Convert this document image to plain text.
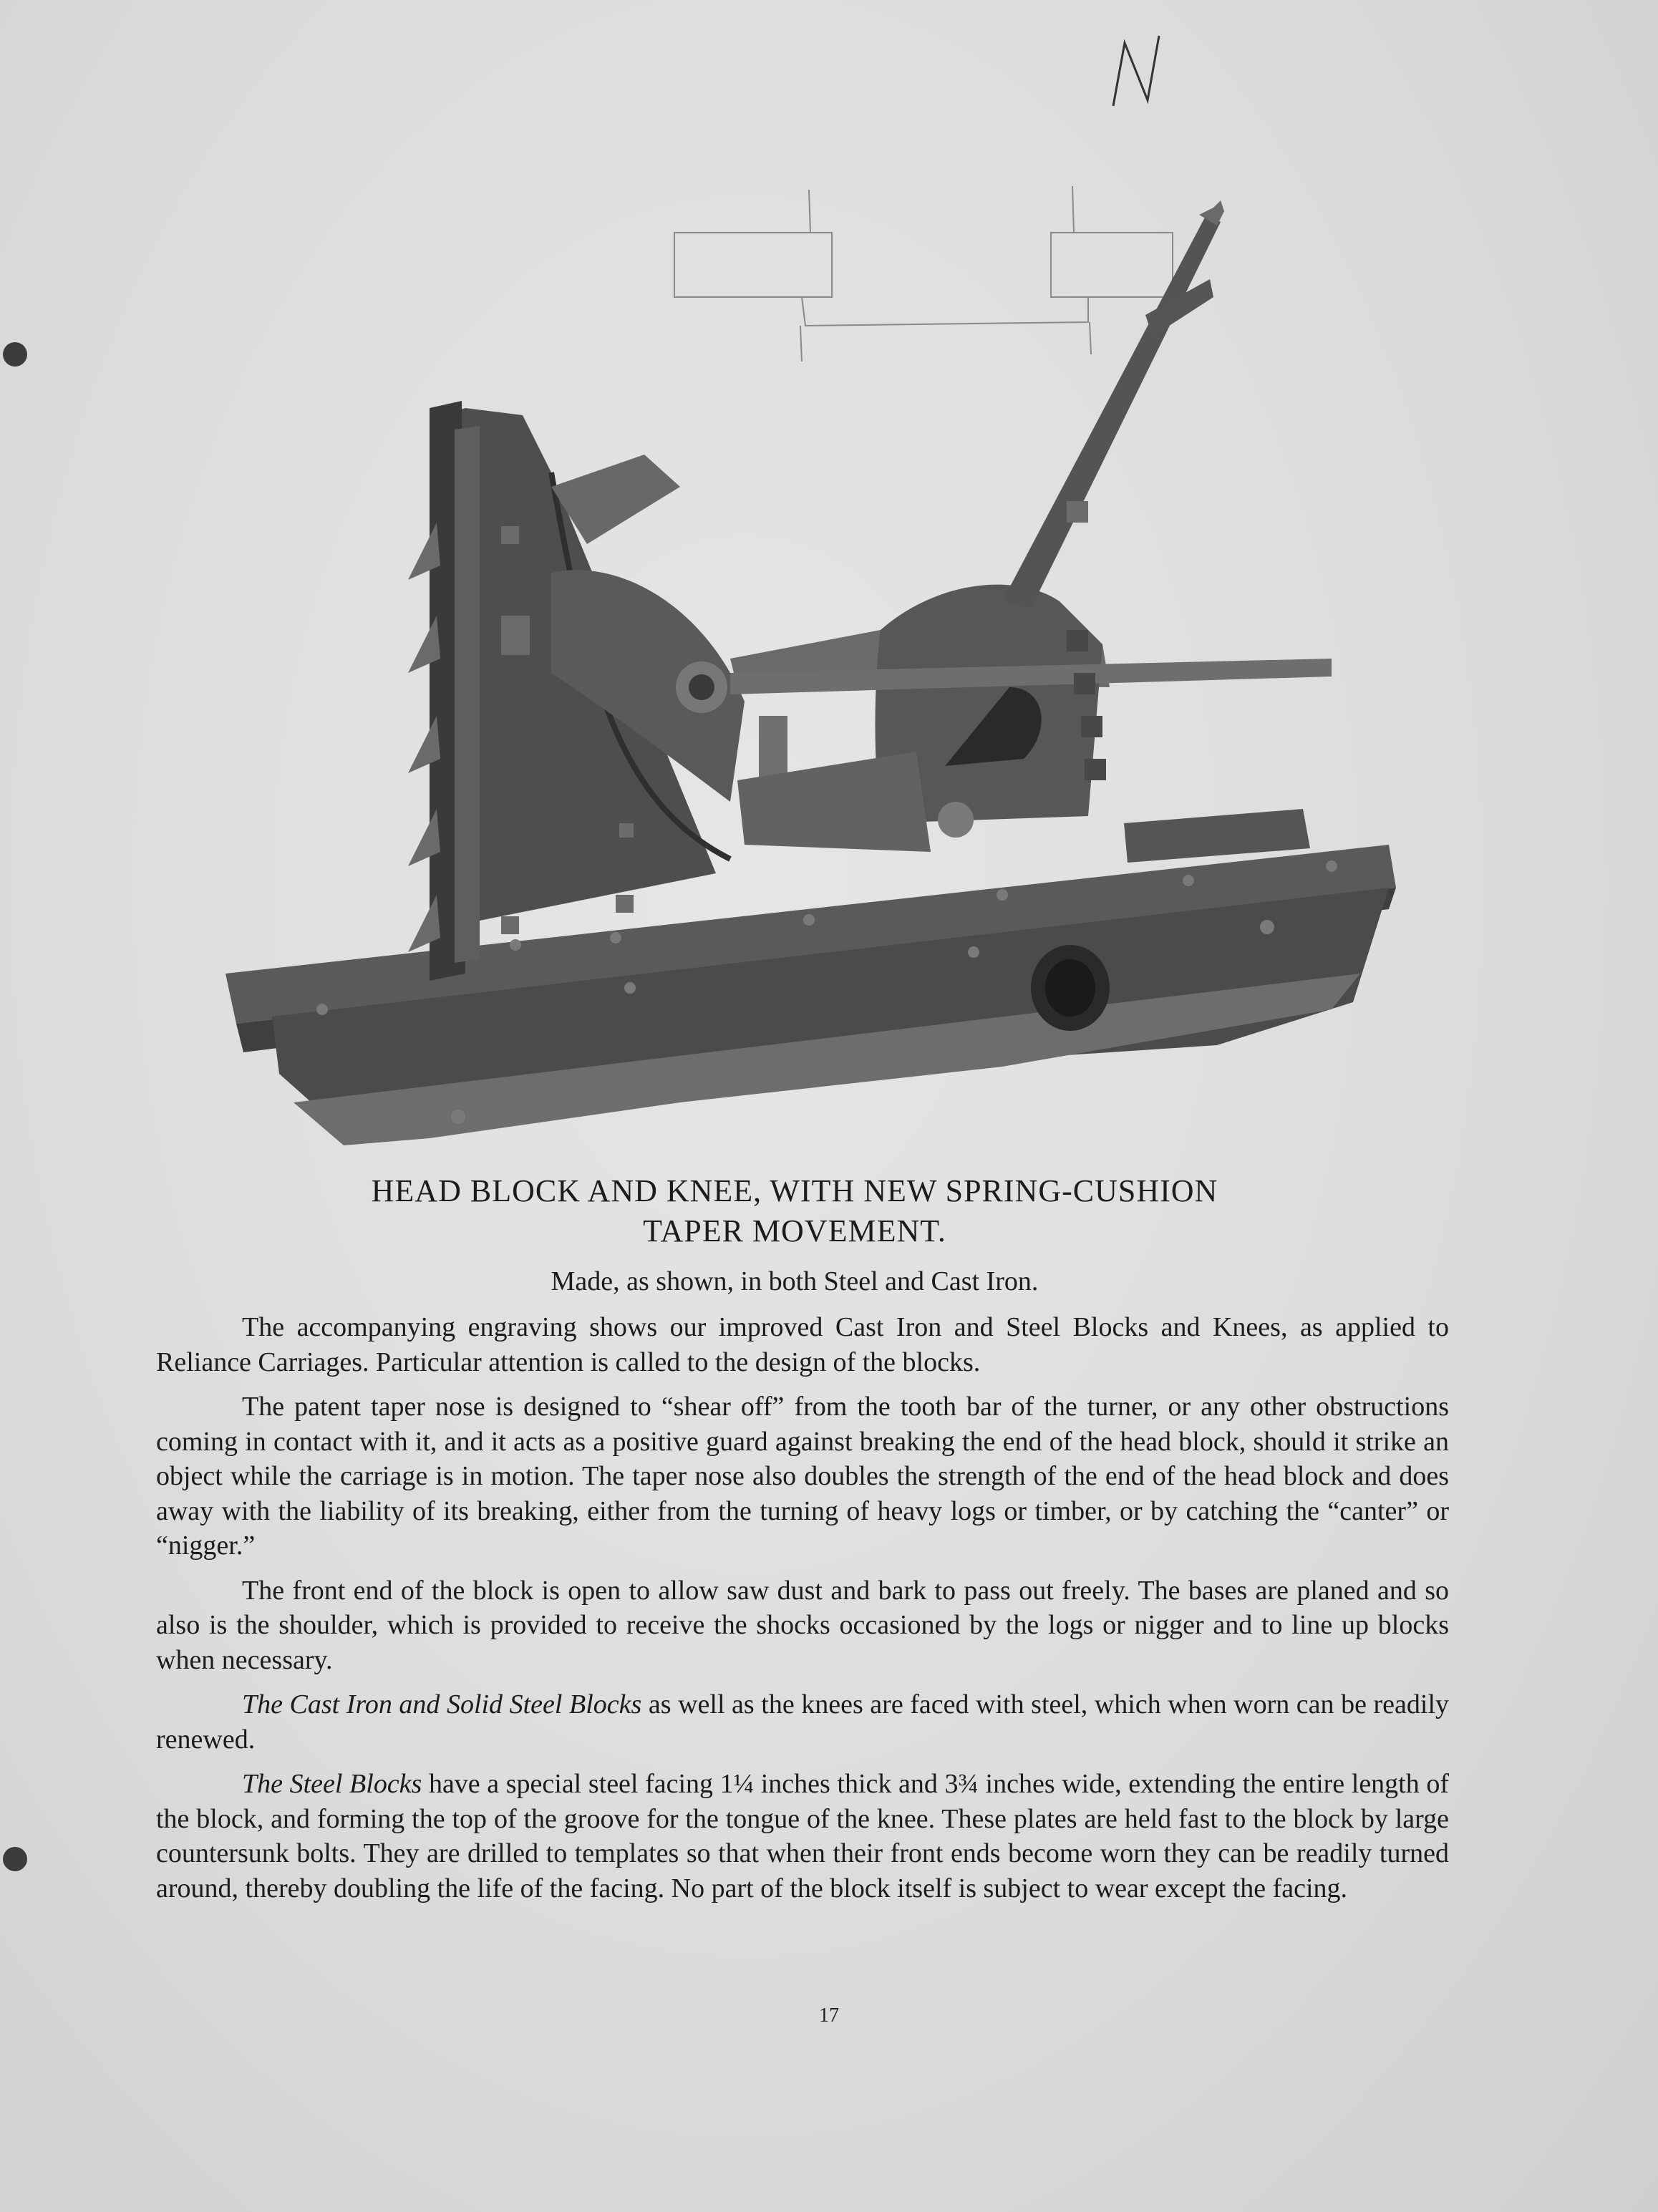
HEAD BLOCK AND KNEE, WITH NEW SPRING-CUSHION
TAPER MOVEMENT.
Made, as shown, in both Steel and Cast Iron.

The accompanying engraving shows our improved Cast Iron and Steel Blocks and Knees, as applied to Reliance Carriages. Particular attention is called to the design of the blocks.

The patent taper nose is designed to “shear off” from the tooth bar of the turner, or any other obstructions coming in contact with it, and it acts as a positive guard against breaking the end of the head block, should it strike an object while the carriage is in motion. The taper nose also doubles the strength of the end of the head block and does away with the liability of its breaking, either from the turning of heavy logs or timber, or by catching the “canter” or “nigger.”

The front end of the block is open to allow saw dust and bark to pass out freely. The bases are planed and so also is the shoulder, which is provided to receive the shocks occasioned by the logs or nigger and to line up blocks when necessary.

The Cast Iron and Solid Steel Blocks as well as the knees are faced with steel, which when worn can be readily renewed.

The Steel Blocks have a special steel facing 1¼ inches thick and 3¾ inches wide, extending the entire length of the block, and forming the top of the groove for the tongue of the knee. These plates are held fast to the block by large countersunk bolts. They are drilled to templates so that when their front ends become worn they can be readily turned around, thereby doubling the life of the facing. No part of the block itself is subject to wear except the facing.

17
